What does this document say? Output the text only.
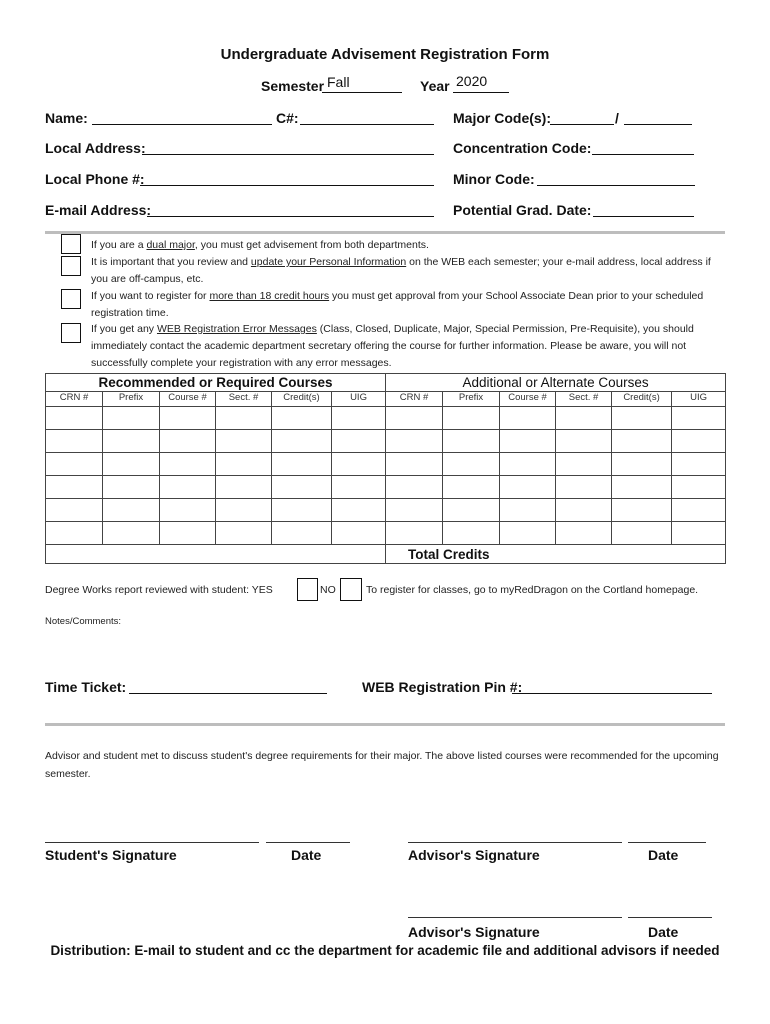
Undergraduate Advisement Registration Form
Semester Fall	Year 2020
Name:	C#:	Major Code(s):	/
Local Address:	Concentration Code:
Local Phone #:	Minor Code:
E-mail Address:	Potential Grad. Date:
If you are a dual major, you must get advisement from both departments.
It is important that you review and update your Personal Information on the WEB each semester; your e-mail address, local address if you are off-campus, etc.
If you want to register for more than 18 credit hours you must get approval from your School Associate Dean prior to your scheduled registration time.
If you get any WEB Registration Error Messages (Class, Closed, Duplicate, Major, Special Permission, Pre-Requisite), you should immediately contact the academic department secretary offering the course for further information. Please be aware, you will not successfully complete your registration with any error messages.
Recommended or Required Courses						Additional or Alternate Courses					
CRN #	Prefix	Course #	Sect. #	Credit(s)	UIG	CRN #	Prefix	Course #	Sect. #	Credit(s)	UIG

						Total Credits					
Degree Works report reviewed with student: YES	NO	To register for classes, go to myRedDragon on the Cortland homepage.
Notes/Comments:
Time Ticket:	WEB Registration Pin #:
Advisor and student met to discuss student's degree requirements for their major. The above listed courses were recommended for the upcoming semester.
Student's Signature	Date	Advisor's Signature	Date
Advisor's Signature	Date
Distribution: E-mail to student and cc the department for academic file and additional advisors if needed
